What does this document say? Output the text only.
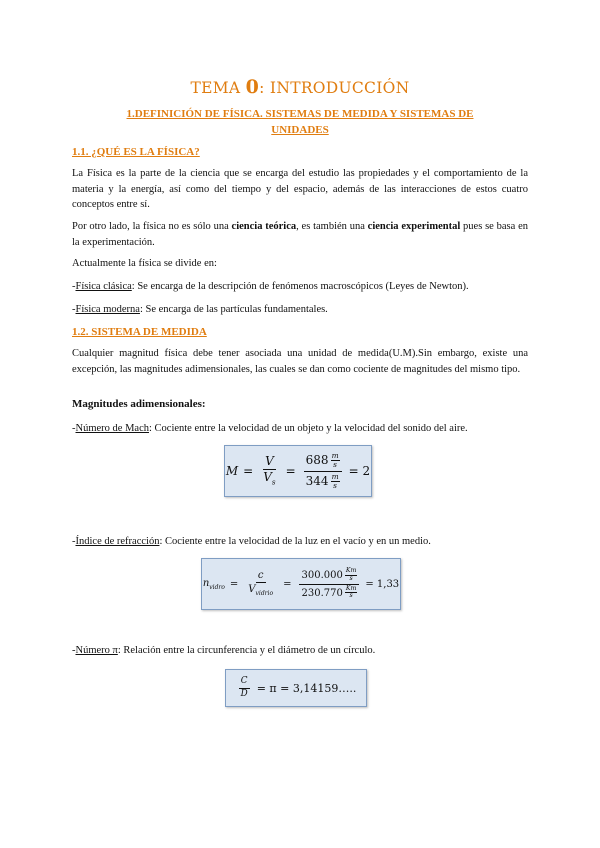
TEMA 0: INTRODUCCIÓN
1.DEFINICIÓN DE FÍSICA. SISTEMAS DE MEDIDA Y SISTEMAS DE
UNIDADES
1.1. ¿QUÉ ES LA FÍSICA?

La Física es la parte de la ciencia que se encarga del estudio las propiedades y el comportamiento de la materia y la energía, así como del tiempo y del espacio, además de las interacciones de estos cuatro conceptos entre sí.

Por otro lado, la física no es sólo una ciencia teórica, es también una ciencia experimental pues se basa en la experimentación.

Actualmente la física se divide en:

-Física clásica: Se encarga de la descripción de fenómenos macroscópicos (Leyes de Newton).

-Física moderna: Se encarga de las partículas fundamentales.

1.2. SISTEMA DE MEDIDA

Cualquier magnitud física debe tener asociada una unidad de medida(U.M).Sin embargo, existe una excepción, las magnitudes adimensionales, las cuales se dan como cociente de magnitudes del mismo tipo.

Magnitudes adimensionales:

-Número de Mach: Cociente entre la velocidad de un objeto y la velocidad del sonido del aire.

$M = \frac{V}{V_s} = \frac{688 \frac{m}{s}}{344 \frac{m}{s}} = 2$

-Índice de refracción: Cociente entre la velocidad de la luz en el vacío y en un medio.

$n_{vidro} = \frac{c}{V_{vidrio}} = \frac{300.000 \frac{Km}{s}}{230.770 \frac{Km}{s}} = 1,33$

-Número π: Relación entre la circunferencia y el diámetro de un círculo.

$\frac{C}{D} = \pi$ = 3,14159…..
